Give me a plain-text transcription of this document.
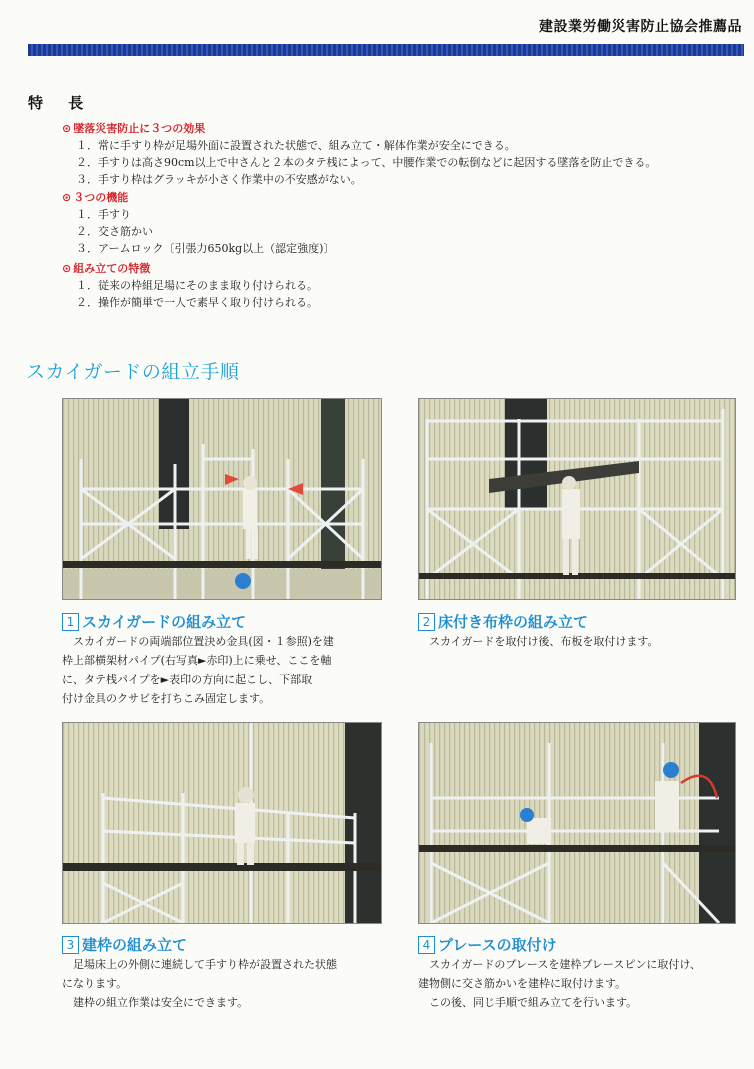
建設業労働災害防止協会推薦品
特 長
⊙ 墜落災害防止に３つの効果
１．常に手すり枠が足場外面に設置された状態で、組み立て・解体作業が安全にできる。
２．手すりは高さ90cm以上で中さんと２本のタテ桟によって、中腰作業での転倒などに起因する墜落を防止できる。
３．手すり枠はグラッキが小さく作業中の不安感がない。
⊙ ３つの機能
１．手すり
２．交さ筋かい
３．アームロック〔引張力650kg以上（認定強度)〕
⊙ 組み立ての特徴
１．従来の枠組足場にそのまま取り付けられる。
２．操作が簡単で一人で素早く取り付けられる。
スカイガードの組立手順
1 スカイガードの組み立て

　スカイガードの両端部位置決め金具(図・１参照)を建

枠上部横架材パイプ(右写真►赤印)上に乗せ、ここを軸

に、タテ桟パイプを►表印の方向に起こし、下部取

付け金具のクサビを打ちこみ固定します。

2 床付き布枠の組み立て

　スカイガードを取付け後、布板を取付けます。

3 建枠の組み立て

　足場床上の外側に連続して手すり枠が設置された状態

になります。

　建枠の組立作業は安全にできます。

4 ブレースの取付け

　スカイガードのブレースを建枠ブレースピンに取付け、

建物側に交さ筋かいを建枠に取付けます。

　この後、同じ手順で組み立てを行います。
